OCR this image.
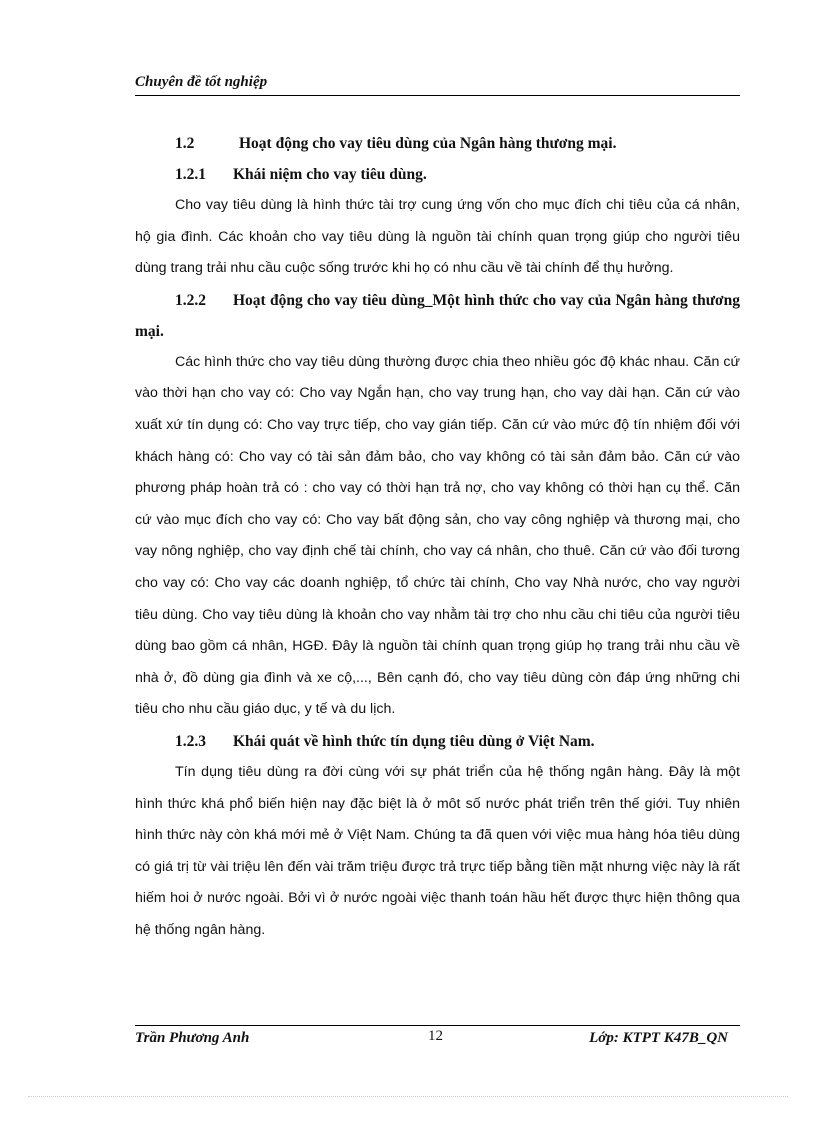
Chuyên đề tốt nghiệp

1.2	Hoạt động cho vay tiêu dùng của Ngân hàng thương mại.

1.2.1 Khái niệm cho vay tiêu dùng.

Cho vay tiêu dùng là hình thức tài trợ cung ứng vốn cho mục đích chi tiêu của cá nhân, hộ gia đình. Các khoản cho vay tiêu dùng là nguồn tài chính quan trọng giúp cho người tiêu dùng trang trải nhu cầu cuộc sống trước khi họ có nhu cầu về tài chính để thụ hưởng.

1.2.2 Hoạt động cho vay tiêu dùng_Một hình thức cho vay của Ngân hàng thương mại.

Các hình thức cho vay tiêu dùng thường được chia theo nhiều góc độ khác nhau. Căn cứ vào thời hạn cho vay có: Cho vay Ngắn hạn, cho vay trung hạn, cho vay dài hạn. Căn cứ vào xuất xứ tín dụng có: Cho vay trực tiếp, cho vay gián tiếp. Căn cứ vào mức độ tín nhiệm đối với khách hàng có: Cho vay có tài sản đảm bảo, cho vay không có tài sản đảm bảo. Căn cứ vào phương pháp hoàn trả có : cho vay có thời hạn trả nợ, cho vay không có thời hạn cụ thể. Căn cứ vào mục đích cho vay có: Cho vay bất động sản, cho vay công nghiệp và thương mại, cho vay nông nghiệp, cho vay định chế tài chính, cho vay cá nhân, cho thuê. Căn cứ vào đối tương cho vay có: Cho vay các doanh nghiệp, tổ chức tài chính, Cho vay Nhà nước, cho vay người tiêu dùng. Cho vay tiêu dùng là khoản cho vay nhằm tài trợ cho nhu cầu chi tiêu của người tiêu dùng bao gồm cá nhân, HGĐ. Đây là nguồn tài chính quan trọng giúp họ trang trải nhu cầu về nhà ở, đồ dùng gia đình và xe cộ,..., Bên cạnh đó, cho vay tiêu dùng còn đáp ứng những chi tiêu cho nhu cầu giáo dục, y tế và du lịch.

1.2.3 Khái quát về hình thức tín dụng tiêu dùng ở Việt Nam.

Tín dụng tiêu dùng ra đời cùng với sự phát triển của hệ thống ngân hàng. Đây là một hình thức khá phổ biến hiện nay đặc biệt là ở môt số nước phát triển trên thế giới. Tuy nhiên hình thức này còn khá mới mẻ ở Việt Nam. Chúng ta đã quen với việc mua hàng hóa tiêu dùng có giá trị từ vài triệu lên đến vài trăm triệu được trả trực tiếp bằng tiền mặt nhưng việc này là rất hiếm hoi ở nước ngoài. Bởi vì ở nước ngoài việc thanh toán hầu hết được thực hiện thông qua hệ thống ngân hàng.

Trần Phương Anh	12	Lớp: KTPT K47B_QN
